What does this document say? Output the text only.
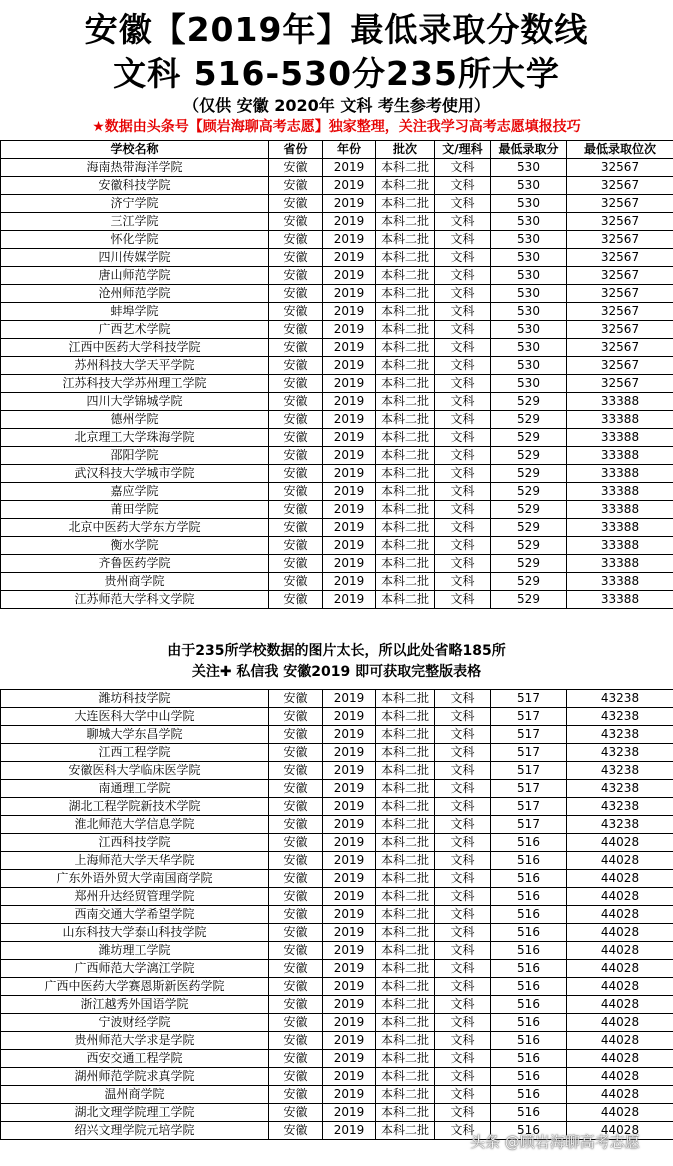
安徽【2019年】最低录取分数线
文科 516-530分235所大学
（仅供 安徽 2020年 文科 考生参考使用）
★数据由头条号【顾岩海聊高考志愿】独家整理，关注我学习高考志愿填报技巧
学校名称	省份	年份	批次	文/理科	最低录取分	最低录取位次
海南热带海洋学院	安徽	2019	本科二批	文科	530	32567
安徽科技学院	安徽	2019	本科二批	文科	530	32567
济宁学院	安徽	2019	本科二批	文科	530	32567
三江学院	安徽	2019	本科二批	文科	530	32567
怀化学院	安徽	2019	本科二批	文科	530	32567
四川传媒学院	安徽	2019	本科二批	文科	530	32567
唐山师范学院	安徽	2019	本科二批	文科	530	32567
沧州师范学院	安徽	2019	本科二批	文科	530	32567
蚌埠学院	安徽	2019	本科二批	文科	530	32567
广西艺术学院	安徽	2019	本科二批	文科	530	32567
江西中医药大学科技学院	安徽	2019	本科二批	文科	530	32567
苏州科技大学天平学院	安徽	2019	本科二批	文科	530	32567
江苏科技大学苏州理工学院	安徽	2019	本科二批	文科	530	32567
四川大学锦城学院	安徽	2019	本科二批	文科	529	33388
德州学院	安徽	2019	本科二批	文科	529	33388
北京理工大学珠海学院	安徽	2019	本科二批	文科	529	33388
邵阳学院	安徽	2019	本科二批	文科	529	33388
武汉科技大学城市学院	安徽	2019	本科二批	文科	529	33388
嘉应学院	安徽	2019	本科二批	文科	529	33388
莆田学院	安徽	2019	本科二批	文科	529	33388
北京中医药大学东方学院	安徽	2019	本科二批	文科	529	33388
衡水学院	安徽	2019	本科二批	文科	529	33388
齐鲁医药学院	安徽	2019	本科二批	文科	529	33388
贵州商学院	安徽	2019	本科二批	文科	529	33388
江苏师范大学科文学院	安徽	2019	本科二批	文科	529	33388
由于235所学校数据的图片太长，所以此处省略185所
关注✚ 私信我 安徽2019 即可获取完整版表格
潍坊科技学院	安徽	2019	本科二批	文科	517	43238
大连医科大学中山学院	安徽	2019	本科二批	文科	517	43238
聊城大学东昌学院	安徽	2019	本科二批	文科	517	43238
江西工程学院	安徽	2019	本科二批	文科	517	43238
安徽医科大学临床医学院	安徽	2019	本科二批	文科	517	43238
南通理工学院	安徽	2019	本科二批	文科	517	43238
湖北工程学院新技术学院	安徽	2019	本科二批	文科	517	43238
淮北师范大学信息学院	安徽	2019	本科二批	文科	517	43238
江西科技学院	安徽	2019	本科二批	文科	516	44028
上海师范大学天华学院	安徽	2019	本科二批	文科	516	44028
广东外语外贸大学南国商学院	安徽	2019	本科二批	文科	516	44028
郑州升达经贸管理学院	安徽	2019	本科二批	文科	516	44028
西南交通大学希望学院	安徽	2019	本科二批	文科	516	44028
山东科技大学泰山科技学院	安徽	2019	本科二批	文科	516	44028
潍坊理工学院	安徽	2019	本科二批	文科	516	44028
广西师范大学漓江学院	安徽	2019	本科二批	文科	516	44028
广西中医药大学赛恩斯新医药学院	安徽	2019	本科二批	文科	516	44028
浙江越秀外国语学院	安徽	2019	本科二批	文科	516	44028
宁波财经学院	安徽	2019	本科二批	文科	516	44028
贵州师范大学求是学院	安徽	2019	本科二批	文科	516	44028
西安交通工程学院	安徽	2019	本科二批	文科	516	44028
湖州师范学院求真学院	安徽	2019	本科二批	文科	516	44028
温州商学院	安徽	2019	本科二批	文科	516	44028
湖北文理学院理工学院	安徽	2019	本科二批	文科	516	44028
绍兴文理学院元培学院	安徽	2019	本科二批	文科	516	44028
头条 @顾岩海聊高考志愿
